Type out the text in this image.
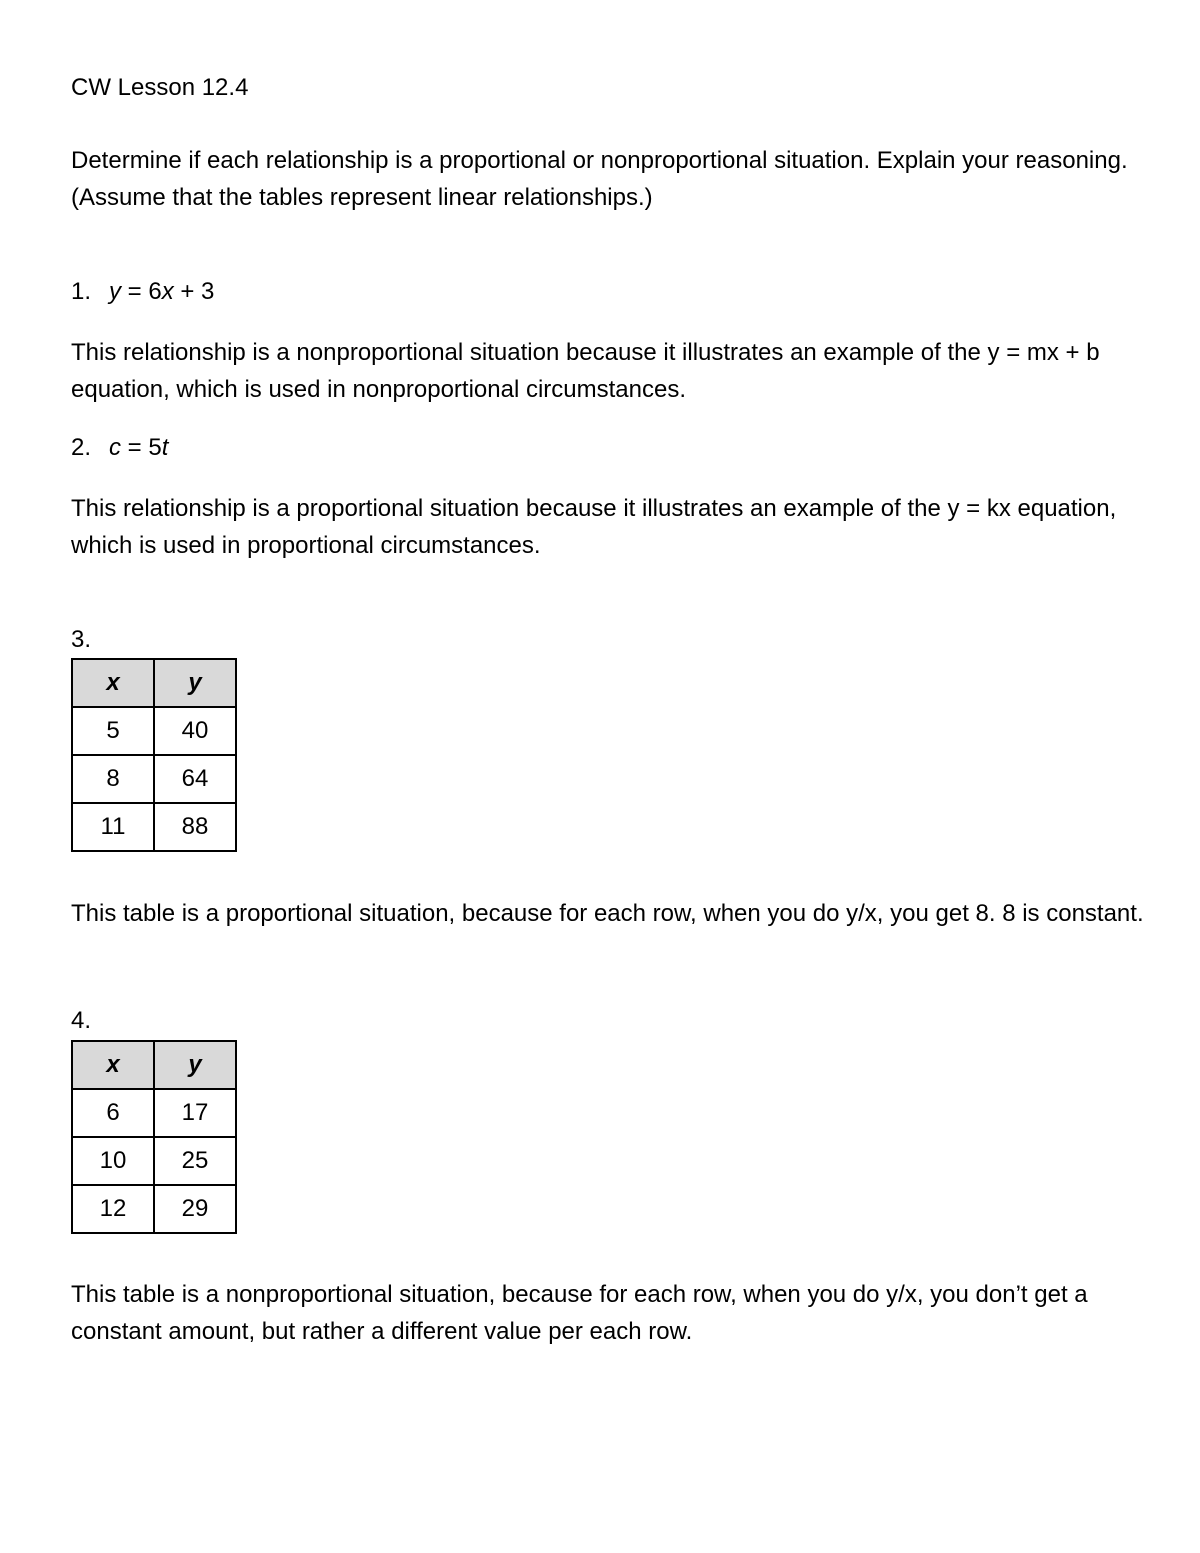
CW Lesson 12.4
Determine if each relationship is a proportional or nonproportional situation. Explain your reasoning. (Assume that the tables represent linear relationships.)
1. y = 6x + 3
This relationship is a nonproportional situation because it illustrates an example of the y = mx + b equation, which is used in nonproportional circumstances.
2. c = 5t
This relationship is a proportional situation because it illustrates an example of the y = kx equation, which is used in proportional circumstances.
3.
x	y
5	40
8	64
11	88
This table is a proportional situation, because for each row, when you do y/x, you get 8. 8 is constant.
4.
x	y
6	17
10	25
12	29
This table is a nonproportional situation, because for each row, when you do y/x, you don’t get a constant amount, but rather a different value per each row.
